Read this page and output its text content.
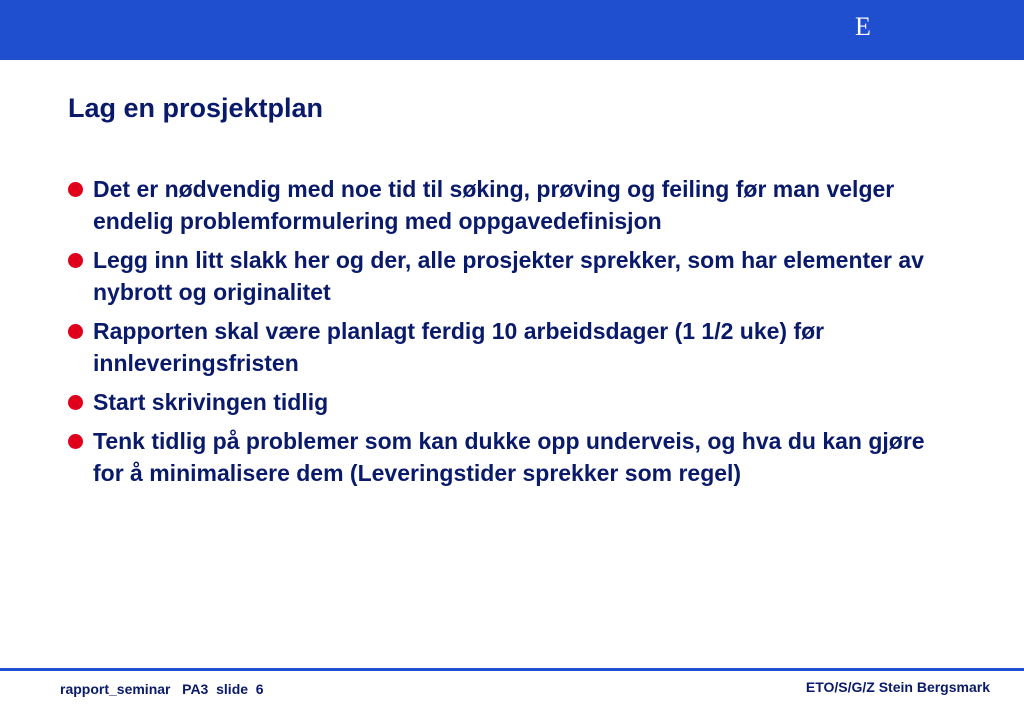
E
Lag en prosjektplan
Det er nødvendig med noe tid til søking, prøving og feiling før man velger endelig problemformulering med oppgavedefinisjon
Legg inn litt slakk her og der, alle prosjekter sprekker, som har elementer av nybrott og originalitet
Rapporten skal være planlagt ferdig 10 arbeidsdager (1 1/2 uke) før innleveringsfristen
Start skrivingen tidlig
Tenk tidlig på problemer som kan dukke opp underveis, og hva du kan gjøre for å minimalisere dem (Leveringstider sprekker som regel)
rapport_seminar   PA3  slide  6	ETO/S/G/Z Stein Bergsmark
